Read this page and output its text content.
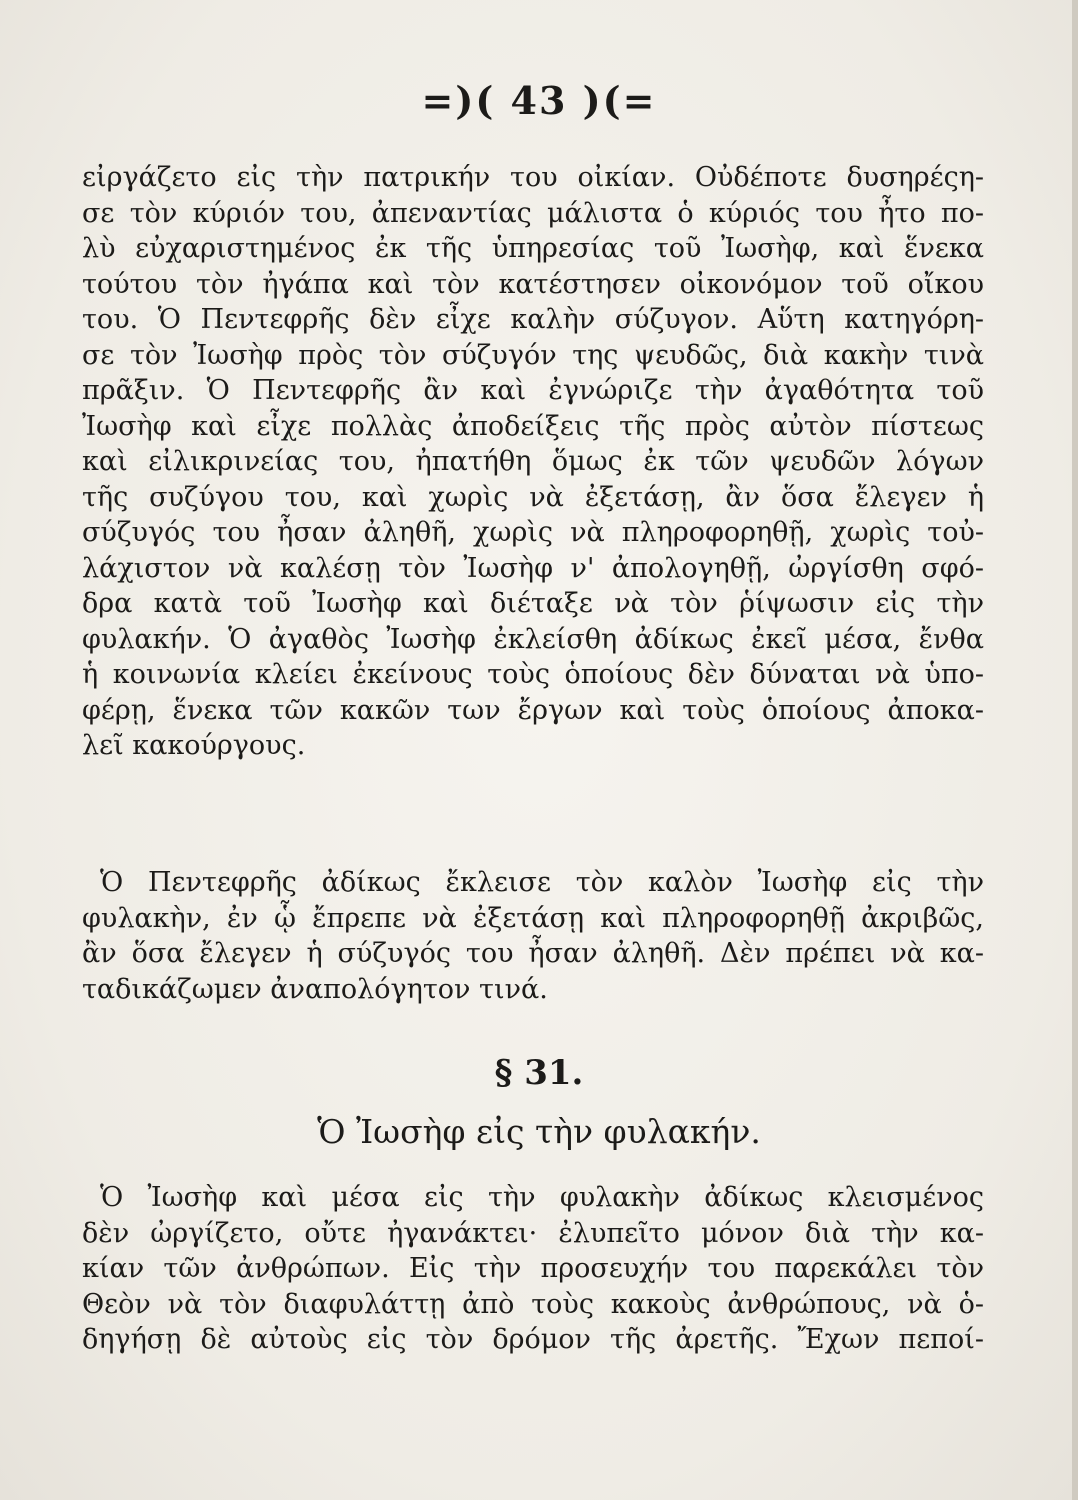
=)( 43 )(=
εἰργάζετο εἰς τὴν πατρικήν του οἰκίαν. Οὐδέποτε δυσηρέςη-
σε τὸν κύριόν του, ἀπεναντίας μάλιστα ὁ κύριός του ἦτο πο-
λὺ εὐχαριστημένος ἐκ τῆς ὑπηρεσίας τοῦ Ἰωσὴφ, καὶ ἕνεκα
τούτου τὸν ἠγάπα καὶ τὸν κατέστησεν οἰκονόμον τοῦ οἴκου
του. Ὁ Πεντεφρῆς δὲν εἶχε καλὴν σύζυγον. Αὕτη κατηγόρη-
σε τὸν Ἰωσὴφ πρὸς τὸν σύζυγόν της ψευδῶς, διὰ κακὴν τινὰ
πρᾶξιν. Ὁ Πεντεφρῆς ἂν καὶ ἐγνώριζε τὴν ἀγαθότητα τοῦ
Ἰωσὴφ καὶ εἶχε πολλὰς ἀποδείξεις τῆς πρὸς αὐτὸν πίστεως
καὶ εἰλικρινείας του, ἠπατήθη ὅμως ἐκ τῶν ψευδῶν λόγων
τῆς συζύγου του, καὶ χωρὶς νὰ ἐξετάσῃ, ἂν ὅσα ἔλεγεν ἡ
σύζυγός του ἦσαν ἀληθῆ, χωρὶς νὰ πληροφορηθῇ, χωρὶς τοὐ-
λάχιστον νὰ καλέσῃ τὸν Ἰωσὴφ ν' ἀπολογηθῇ, ὠργίσθη σφό-
δρα κατὰ τοῦ Ἰωσὴφ καὶ διέταξε νὰ τὸν ῥίψωσιν εἰς τὴν
φυλακήν. Ὁ ἀγαθὸς Ἰωσὴφ ἐκλείσθη ἀδίκως ἐκεῖ μέσα, ἔνθα
ἡ κοινωνία κλείει ἐκείνους τοὺς ὁποίους δὲν δύναται νὰ ὑπο-
φέρῃ, ἕνεκα τῶν κακῶν των ἔργων καὶ τοὺς ὁποίους ἀποκα-
λεῖ κακούργους.
Ὁ Πεντεφρῆς ἀδίκως ἔκλεισε τὸν καλὸν Ἰωσὴφ εἰς τὴν
φυλακὴν, ἐν ᾧ ἔπρεπε νὰ ἐξετάσῃ καὶ πληροφορηθῇ ἀκριβῶς,
ἂν ὅσα ἔλεγεν ἡ σύζυγός του ἦσαν ἀληθῆ. Δὲν πρέπει νὰ κα-
ταδικάζωμεν ἀναπολόγητον τινά.
§ 31.
Ὁ Ἰωσὴφ εἰς τὴν φυλακήν.
Ὁ Ἰωσὴφ καὶ μέσα εἰς τὴν φυλακὴν ἀδίκως κλεισμένος
δὲν ὠργίζετο, οὔτε ἠγανάκτει· ἐλυπεῖτο μόνον διὰ τὴν κα-
κίαν τῶν ἀνθρώπων. Εἰς τὴν προσευχήν του παρεκάλει τὸν
Θεὸν νὰ τὸν διαφυλάττῃ ἀπὸ τοὺς κακοὺς ἀνθρώπους, νὰ ὁ-
δηγήσῃ δὲ αὐτοὺς εἰς τὸν δρόμον τῆς ἀρετῆς. Ἔχων πεποί-
